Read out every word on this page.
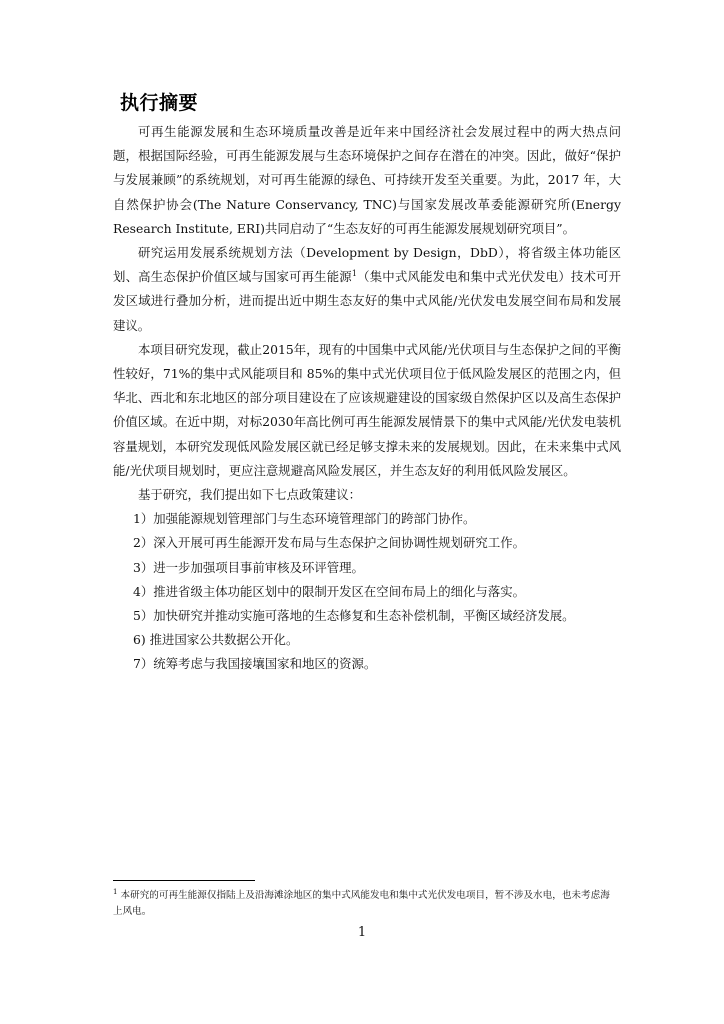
执行摘要

可再生能源发展和生态环境质量改善是近年来中国经济社会发展过程中的两大热点问题，根据国际经验，可再生能源发展与生态环境保护之间存在潜在的冲突。因此，做好“保护与发展兼顾”的系统规划，对可再生能源的绿色、可持续开发至关重要。为此，2017 年，大自然保护协会(The Nature Conservancy, TNC)与国家发展改革委能源研究所(Energy Research Institute, ERI)共同启动了“生态友好的可再生能源发展规划研究项目”。

研究运用发展系统规划方法（Development by Design，DbD），将省级主体功能区划、高生态保护价值区域与国家可再生能源$^1$（集中式风能发电和集中式光伏发电）技术可开发区域进行叠加分析，进而提出近中期生态友好的集中式风能/光伏发电发展空间布局和发展建议。

本项目研究发现，截止2015年，现有的中国集中式风能/光伏项目与生态保护之间的平衡性较好，71%的集中式风能项目和 85%的集中式光伏项目位于低风险发展区的范围之内，但华北、西北和东北地区的部分项目建设在了应该规避建设的国家级自然保护区以及高生态保护价值区域。在近中期，对标2030年高比例可再生能源发展情景下的集中式风能/光伏发电装机容量规划，本研究发现低风险发展区就已经足够支撑未来的发展规划。因此，在未来集中式风能/光伏项目规划时，更应注意规避高风险发展区，并生态友好的利用低风险发展区。

基于研究，我们提出如下七点政策建议：

1）加强能源规划管理部门与生态环境管理部门的跨部门协作。

2）深入开展可再生能源开发布局与生态保护之间协调性规划研究工作。

3）进一步加强项目事前审核及环评管理。

4）推进省级主体功能区划中的限制开发区在空间布局上的细化与落实。

5）加快研究并推动实施可落地的生态修复和生态补偿机制，平衡区域经济发展。

6) 推进国家公共数据公开化。

7）统筹考虑与我国接壤国家和地区的资源。

$^1$ 本研究的可再生能源仅指陆上及沿海滩涂地区的集中式风能发电和集中式光伏发电项目，暂不涉及水电，也未考虑海上风电。

1
